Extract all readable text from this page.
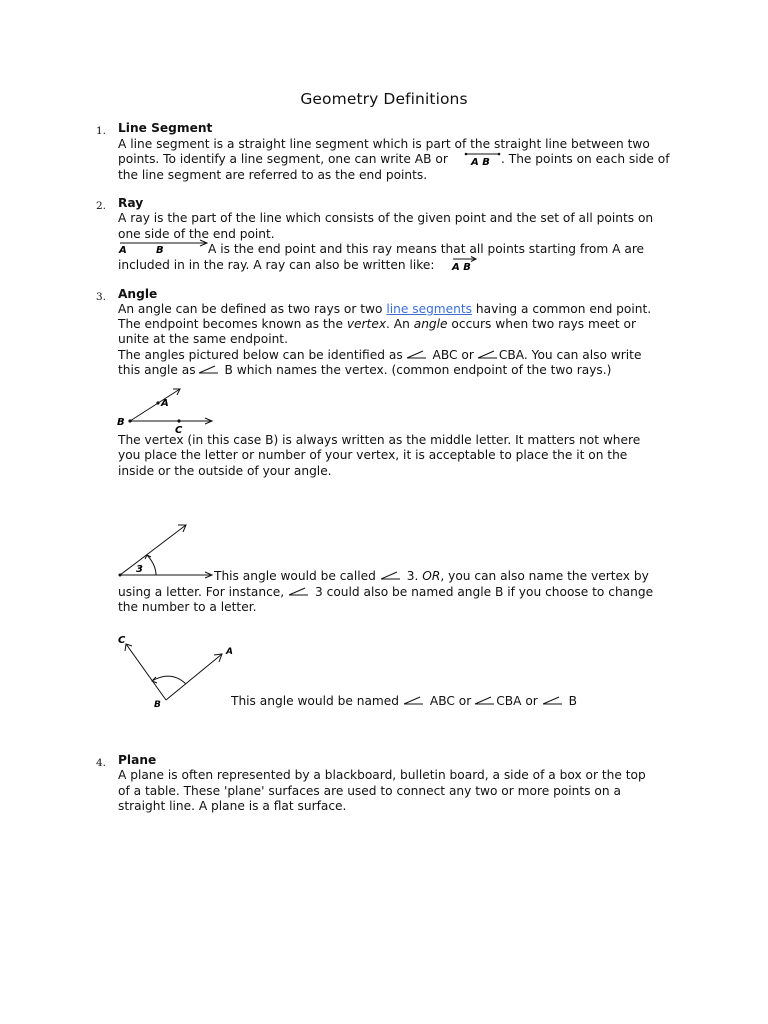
Geometry Definitions
1. Line Segment
A line segment is a straight line segment which is part of the straight line between two
points. To identify a line segment, one can write AB or A B . The points on each side of
the line segment are referred to as the end points.
2. Ray
A ray is the part of the line which consists of the given point and the set of all points on
one side of the end point.
A	B	A is the end point and this ray means that all points starting from A are
included in in the ray. A ray can also be written like: A B
3. Angle
An angle can be defined as two rays or two line segments having a common end point.
The endpoint becomes known as the vertex. An angle occurs when two rays meet or
unite at the same endpoint.
The angles pictured below can be identified as ABC or CBA. You can also write
this angle as B which names the vertex. (common endpoint of the two rays.)
B
A
C
The vertex (in this case B) is always written as the middle letter. It matters not where
you place the letter or number of your vertex, it is acceptable to place the it on the
inside or the outside of your angle.
3	This angle would be called 3. OR, you can also name the vertex by
using a letter. For instance, 3 could also be named angle B if you choose to change
the number to a letter.
C
A
B	This angle would be named ABC or CBA or B
4. Plane
A plane is often represented by a blackboard, bulletin board, a side of a box or the top
of a table. These 'plane' surfaces are used to connect any two or more points on a
straight line. A plane is a flat surface.
